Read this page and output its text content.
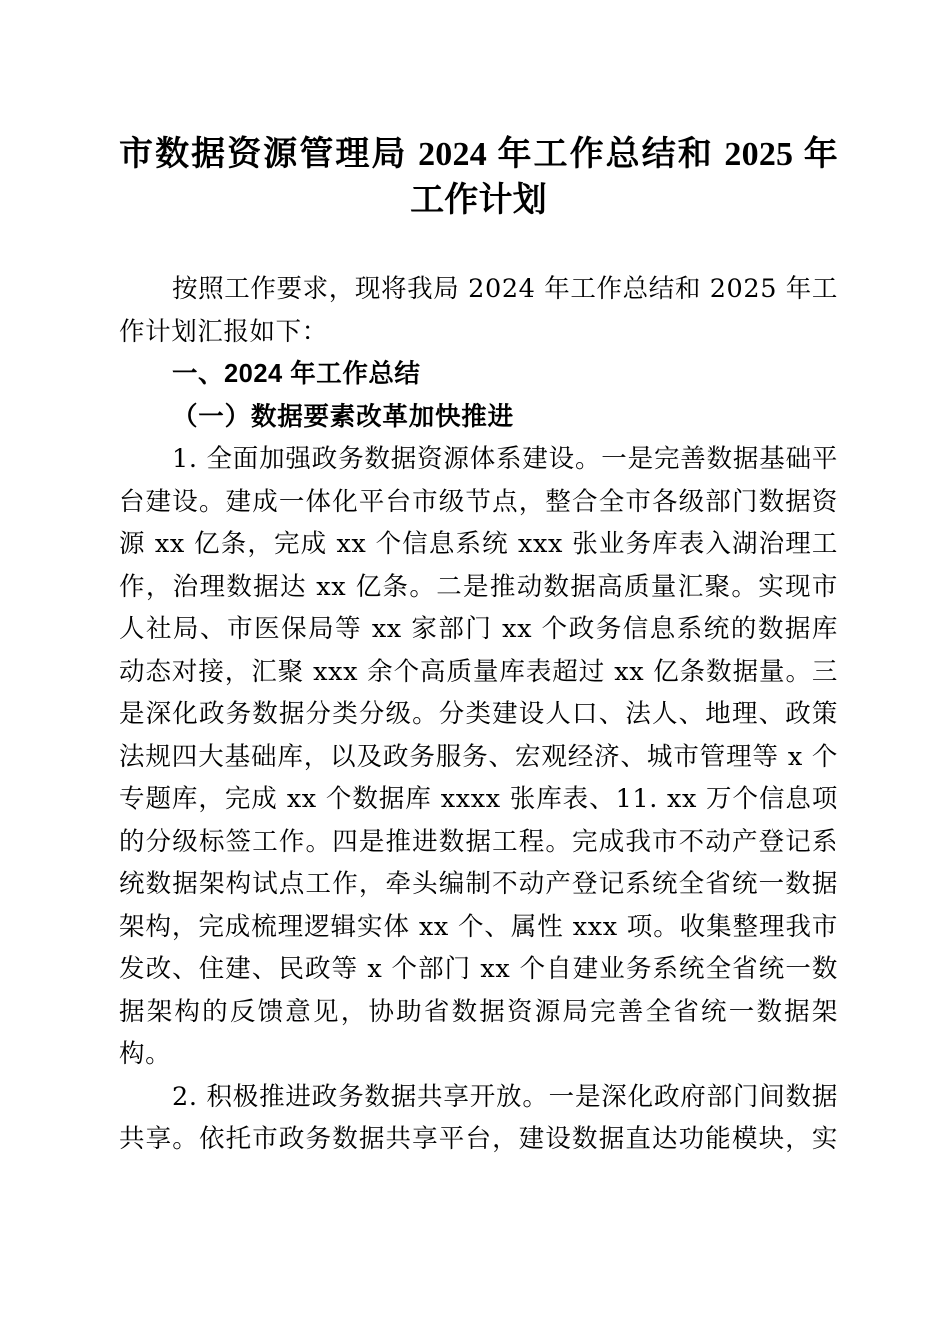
市数据资源管理局 2024 年工作总结和 2025 年
工作计划

按照工作要求，现将我局 2024 年工作总结和 2025 年工作计划汇报如下：

一、2024 年工作总结

（一）数据要素改革加快推进

1. 全面加强政务数据资源体系建设。一是完善数据基础平台建设。建成一体化平台市级节点，整合全市各级部门数据资源 xx 亿条，完成 xx 个信息系统 xxx 张业务库表入湖治理工作，治理数据达 xx 亿条。二是推动数据高质量汇聚。实现市人社局、市医保局等 xx 家部门 xx 个政务信息系统的数据库动态对接，汇聚 xxx 余个高质量库表超过 xx 亿条数据量。三是深化政务数据分类分级。分类建设人口、法人、地理、政策法规四大基础库，以及政务服务、宏观经济、城市管理等 x 个专题库，完成 xx 个数据库 xxxx 张库表、11. xx 万个信息项的分级标签工作。四是推进数据工程。完成我市不动产登记系统数据架构试点工作，牵头编制不动产登记系统全省统一数据架构，完成梳理逻辑实体 xx 个、属性 xxx 项。收集整理我市发改、住建、民政等 x 个部门 xx 个自建业务系统全省统一数据架构的反馈意见，协助省数据资源局完善全省统一数据架构。

2. 积极推进政务数据共享开放。一是深化政府部门间数据共享。依托市政务数据共享平台，建设数据直达功能模块，实
